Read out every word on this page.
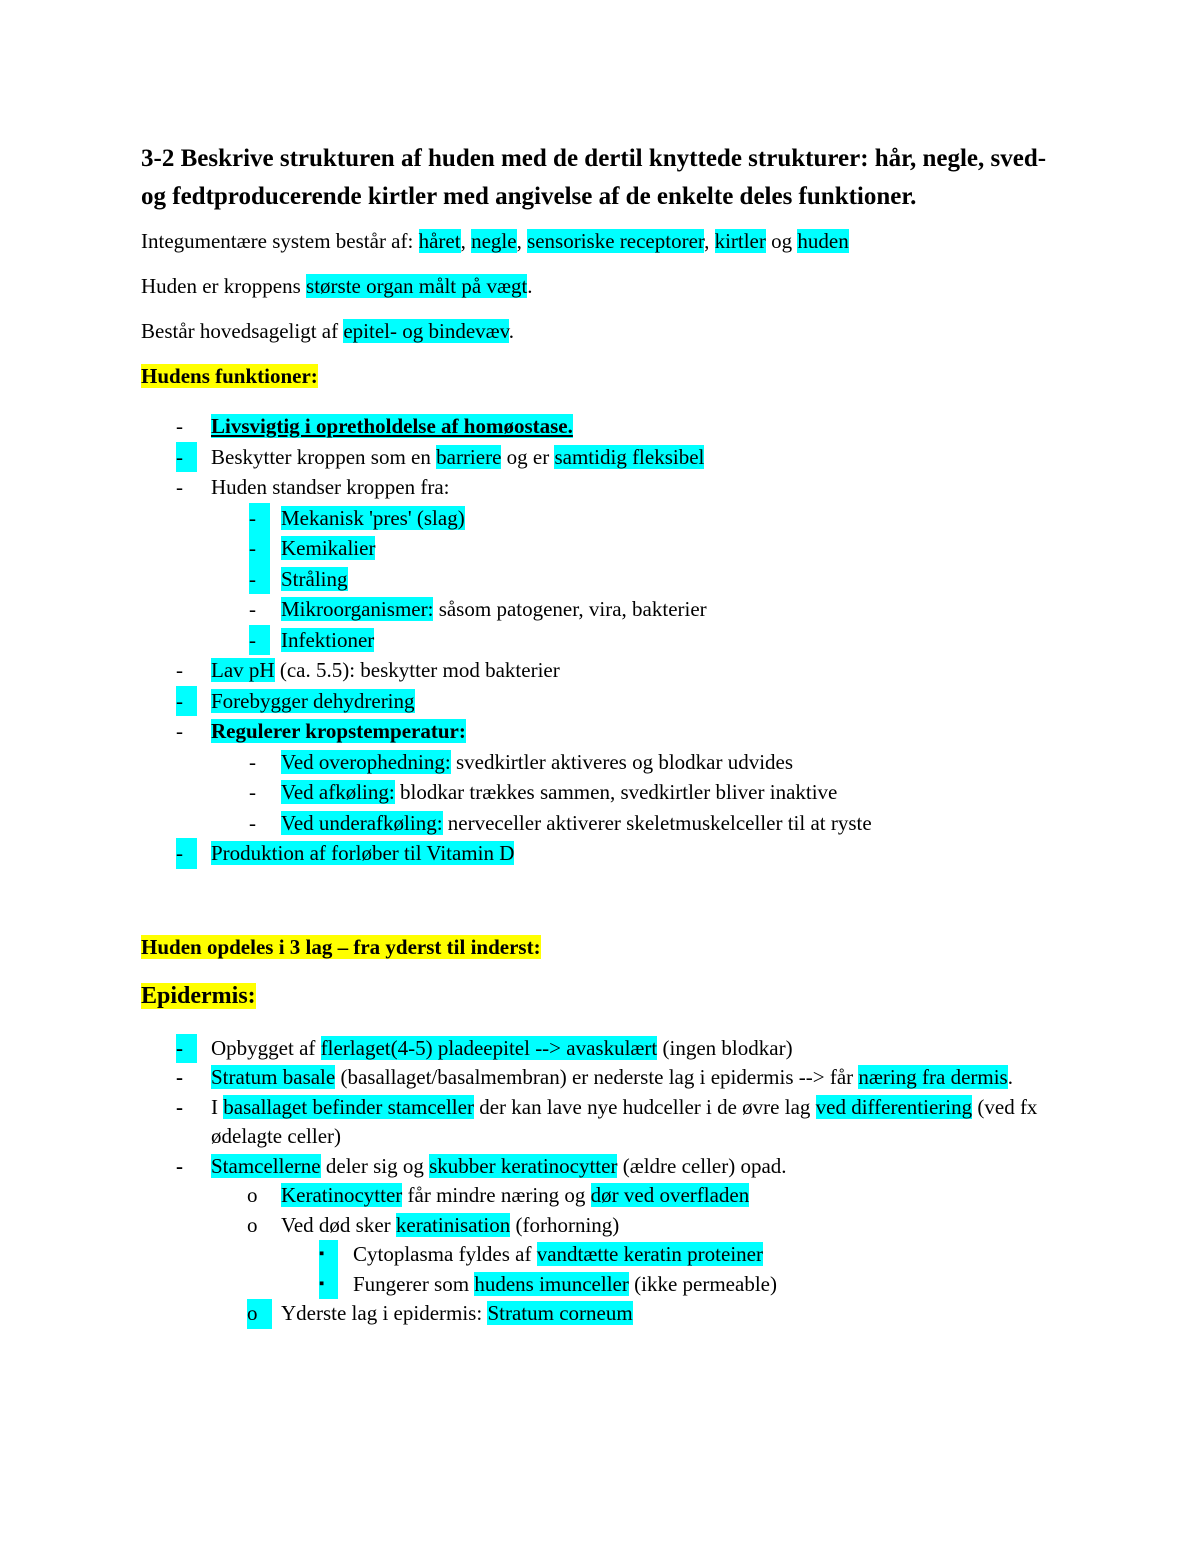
3-2 Beskrive strukturen af huden med de dertil knyttede strukturer: hår, negle, sved- og fedtproducerende kirtler med angivelse af de enkelte deles funktioner.
Integumentære system består af: håret, negle, sensoriske receptorer, kirtler og huden
Huden er kroppens største organ målt på vægt.
Består hovedsageligt af epitel- og bindevæv.
Hudens funktioner:
- Livsvigtig i opretholdelse af homøostase.
-	Beskytter kroppen som en barriere og er samtidig fleksibel
- Huden standser kroppen fra:
-	Mekanisk 'pres' (slag)
-	Kemikalier
-	Stråling
- Mikroorganismer: såsom patogener, vira, bakterier
-	Infektioner
- Lav pH (ca. 5.5): beskytter mod bakterier
-	Forebygger dehydrering
- Regulerer kropstemperatur:
- Ved overophedning: svedkirtler aktiveres og blodkar udvides
- Ved afkøling: blodkar trækkes sammen, svedkirtler bliver inaktive
- Ved underafkøling: nerveceller aktiverer skeletmuskelceller til at ryste
-	Produktion af forløber til Vitamin D
Huden opdeles i 3 lag – fra yderst til inderst:
Epidermis:
-	Opbygget af flerlaget(4-5) pladeepitel --> avaskulært (ingen blodkar)
- Stratum basale (basallaget/basalmembran) er nederste lag i epidermis --> får næring fra dermis.
- I basallaget befinder stamceller der kan lave nye hudceller i de øvre lag ved differentiering (ved fx ødelagte celler)
- Stamcellerne deler sig og skubber keratinocytter (ældre celler) opad.
o Keratinocytter får mindre næring og dør ved overfladen
o Ved død sker keratinisation (forhorning)
▪	Cytoplasma fyldes af vandtætte keratin proteiner
▪	Fungerer som hudens imunceller (ikke permeable)
o	Yderste lag i epidermis: Stratum corneum
